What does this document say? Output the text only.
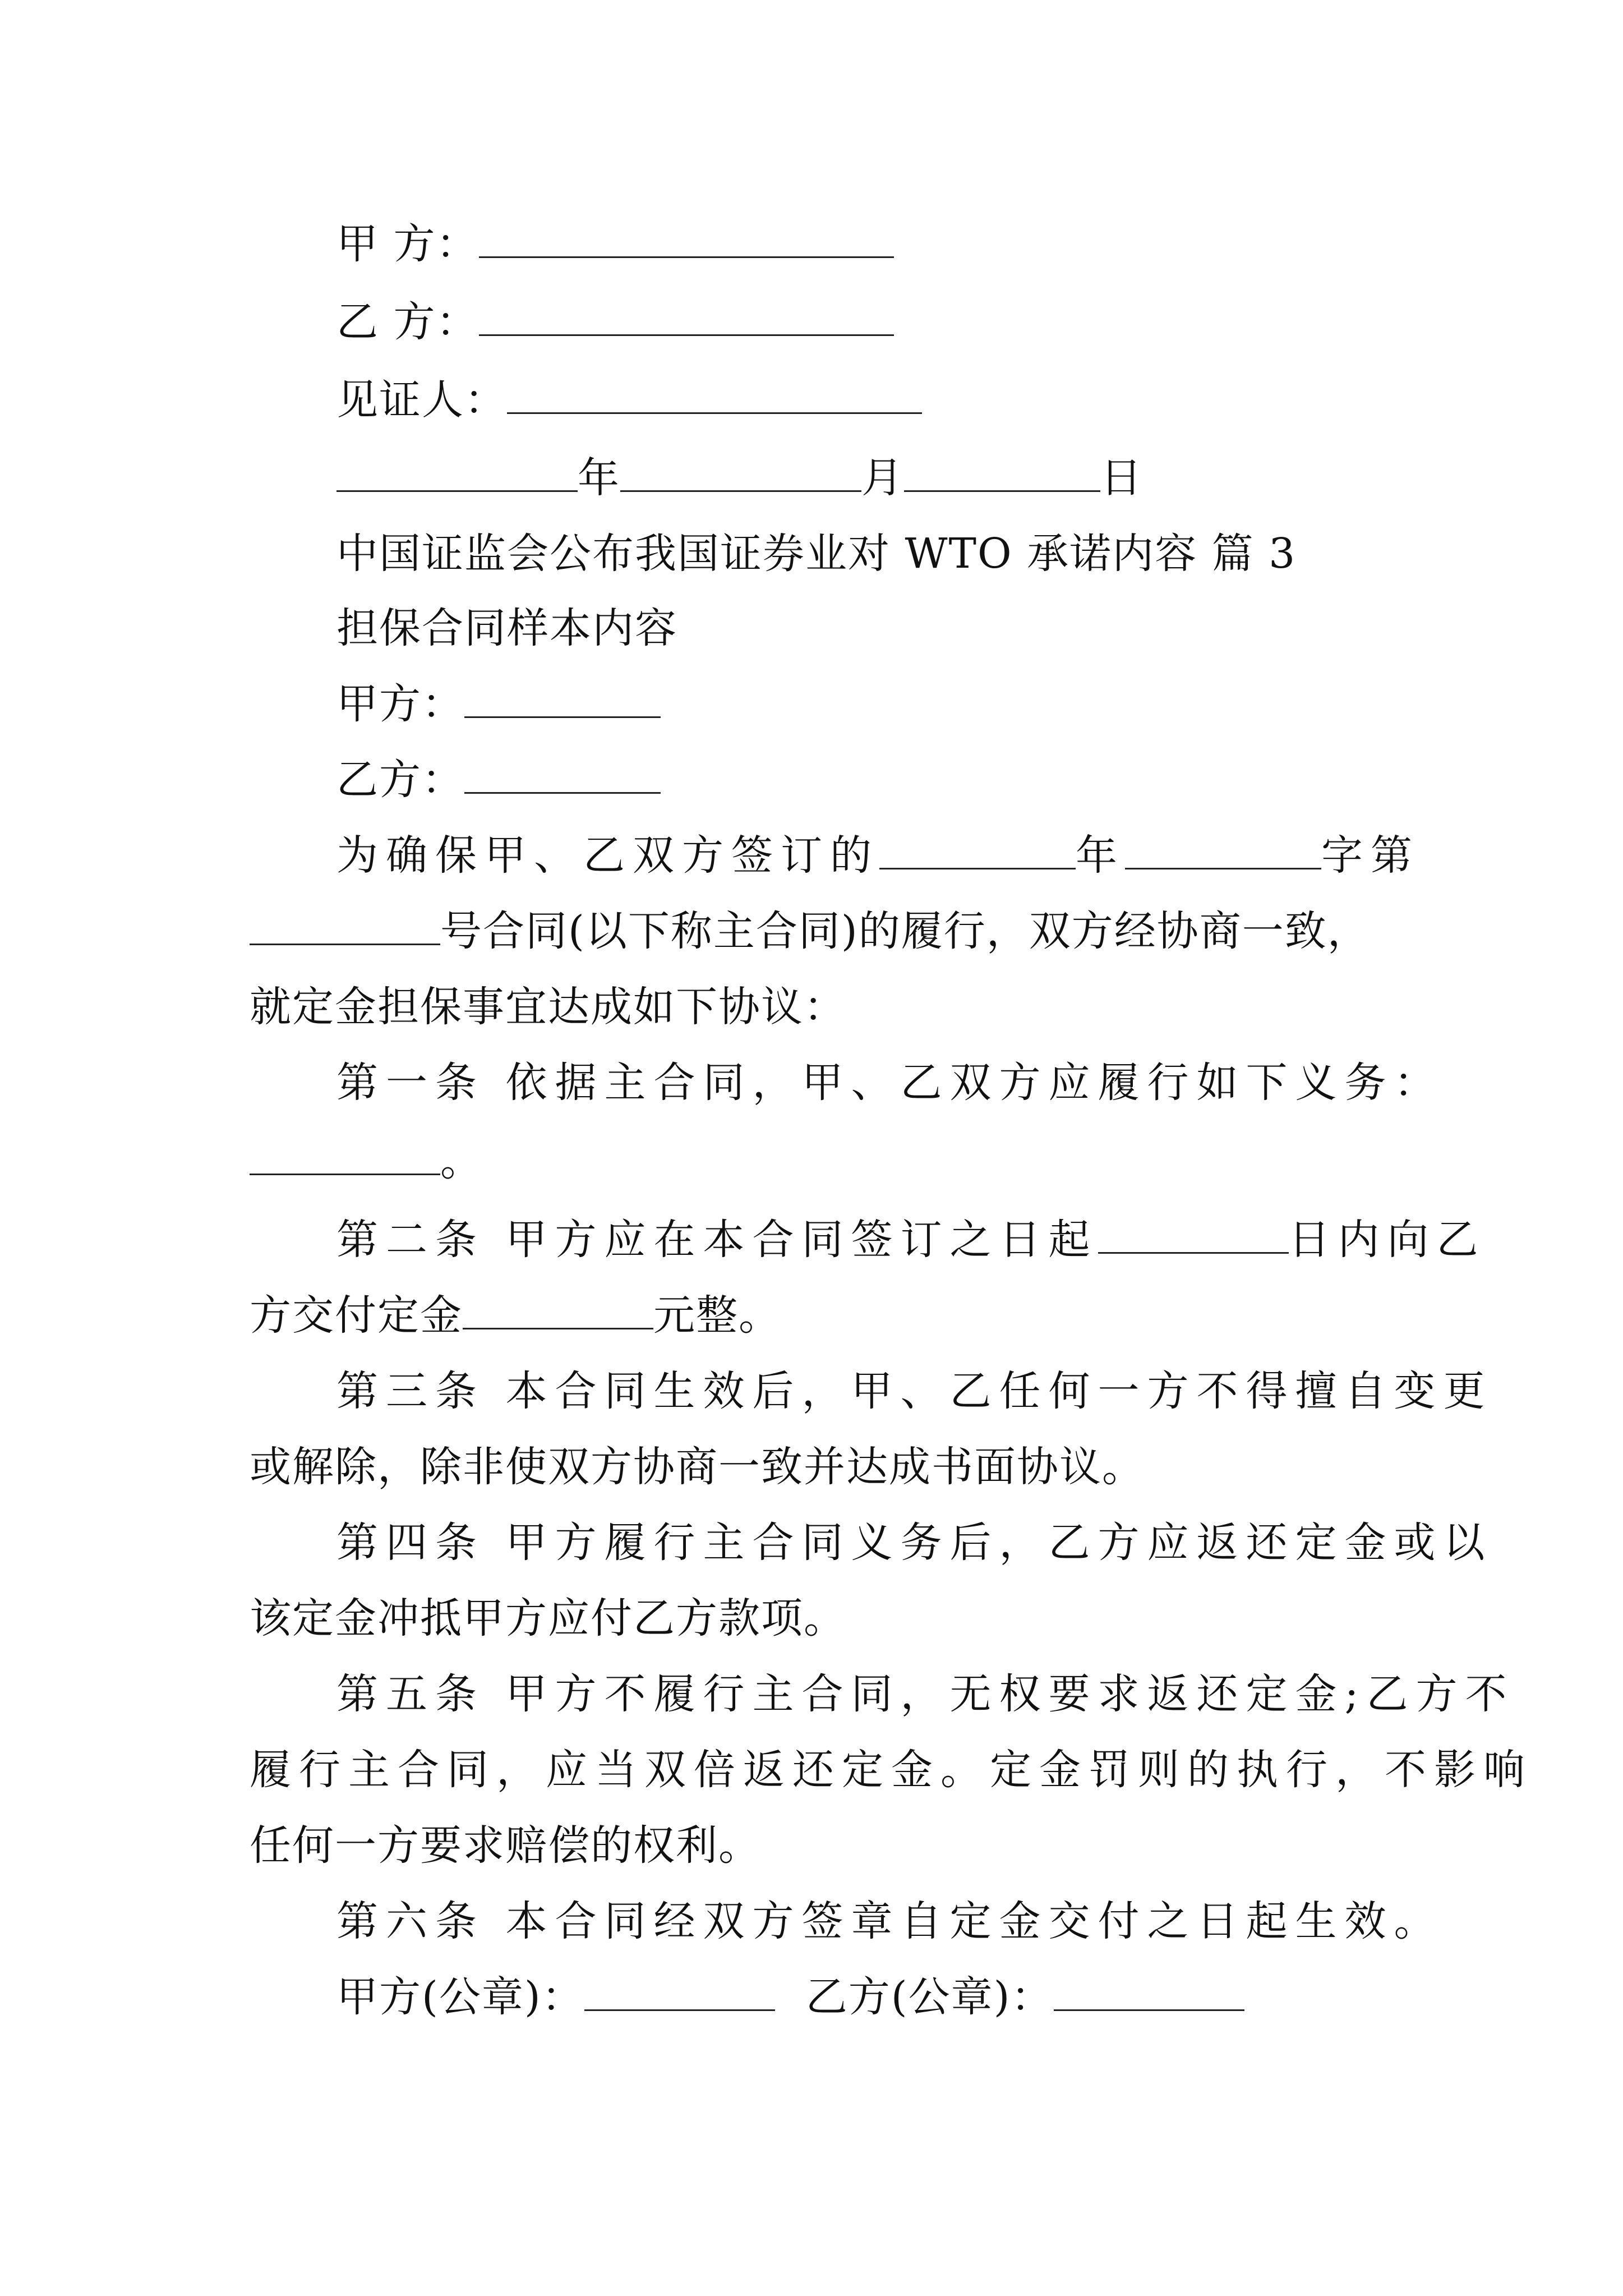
甲 方：
乙 方：
见证人：
年	月	日
中国证监会公布我国证券业对 WTO 承诺内容 篇 3
担保合同样本内容
甲方：
乙方：
为确保甲、乙双方签订的	年	字第
号合同(以下称主合同)的履行，双方经协商一致，
就定金担保事宜达成如下协议：
第一条 依据主合同，甲、乙双方应履行如下义务：
。
第二条 甲方应在本合同签订之日起	日内向乙
方交付定金	元整。
第三条 本合同生效后，甲、乙任何一方不得擅自变更
或解除，除非使双方协商一致并达成书面协议。
第四条 甲方履行主合同义务后，乙方应返还定金或以
该定金冲抵甲方应付乙方款项。
第五条 甲方不履行主合同，无权要求返还定金;乙方不
履行主合同，应当双倍返还定金。定金罚则的执行，不影响
任何一方要求赔偿的权利。
第六条 本合同经双方签章自定金交付之日起生效。
甲方(公章)：	乙方(公章)：
